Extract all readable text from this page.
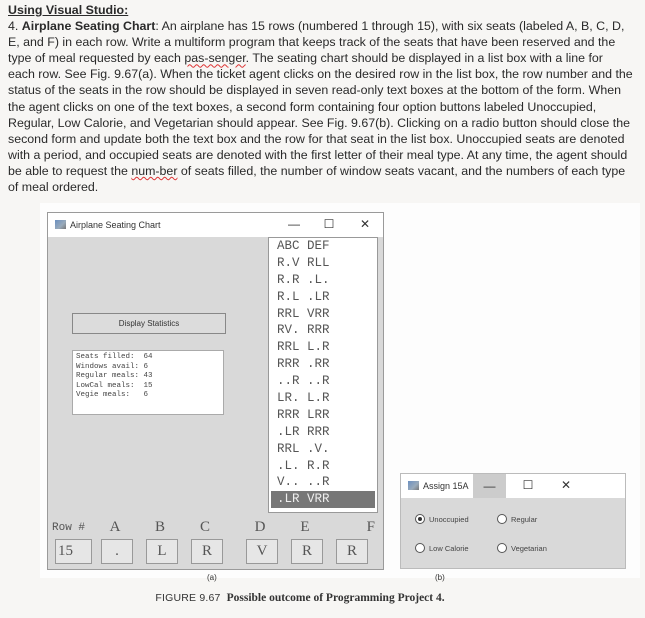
Using Visual Studio:
4. Airplane Seating Chart: An airplane has 15 rows (numbered 1 through 15), with six seats (labeled A, B, C, D, E, and F) in each row. Write a multiform program that keeps track of the seats that have been reserved and the type of meal requested by each pas-senger. The seating chart should be displayed in a list box with a line for each row. See Fig. 9.67(a). When the ticket agent clicks on the desired row in the list box, the row number and the status of the seats in the row should be displayed in seven read-only text boxes at the bottom of the form. When the agent clicks on one of the text boxes, a second form containing four option buttons labeled Unoccupied, Regular, Low Calorie, and Vegetarian should appear. See Fig. 9.67(b). Clicking on a radio button should close the second form and update both the text box and the row for that seat in the list box. Unoccupied seats are denoted with a period, and occupied seats are denoted with the first letter of their meal type. At any time, the agent should be able to request the num-ber of seats filled, the number of window seats vacant, and the numbers of each type of meal ordered.
Airplane Seating Chart	—	☐	✕
ABC DEF
R.V RLL
R.R .L.
R.L .LR
RRL VRR
RV. RRR
RRL L.R
RRR .RR
..R ..R
LR. L.R
RRR LRR
.LR RRR
RRL .V.
.L. R.R
V.. ..R
.LR VRR
Display Statistics
Seats filled:  64
Windows avail: 6
Regular meals: 43
LowCal meals:  15
Vegie meals:   6
Row #	A	B	C	D	E	F
15	.	L	R	V	R	R
Assign 15A	—	☐	✕
Unoccupied	Regular
Low Calorie	Vegetarian
(a)	(b)
FIGURE 9.67 Possible outcome of Programming Project 4.
